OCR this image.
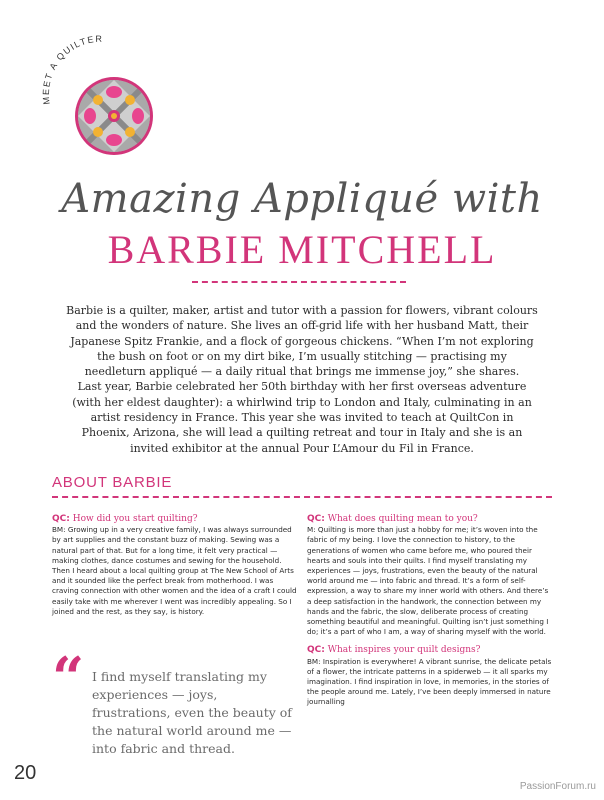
MEET A QUILTER
Amazing Appliqué with
BARBIE MITCHELL

Barbie is a quilter, maker, artist and tutor with a passion for flowers, vibrant colours and the wonders of nature. She lives an off-grid life with her husband Matt, their Japanese Spitz Frankie, and a flock of gorgeous chickens. “When I’m not exploring the bush on foot or on my dirt bike, I’m usually stitching — practising my needleturn appliqué — a daily ritual that brings me immense joy,” she shares.

Last year, Barbie celebrated her 50th birthday with her first overseas adventure (with her eldest daughter): a whirlwind trip to London and Italy, culminating in an artist residency in France. This year she was invited to teach at QuiltCon in Phoenix, Arizona, she will lead a quilting retreat and tour in Italy and she is an invited exhibitor at the annual Pour L’Amour du Fil in France.

ABOUT BARBIE

QC: How did you start quilting?

BM: Growing up in a very creative family, I was always surrounded by art supplies and the constant buzz of making. Sewing was a natural part of that. But for a long time, it felt very practical — making clothes, dance costumes and sewing for the household. Then I heard about a local quilting group at The New School of Arts and it sounded like the perfect break from motherhood. I was craving connection with other women and the idea of a craft I could easily take with me wherever I went was incredibly appealing. So I joined and the rest, as they say, is history.

“ I find myself translating my experiences — joys, frustrations, even the beauty of the natural world around me — into fabric and thread.

QC: What does quilting mean to you?

M: Quilting is more than just a hobby for me; it’s woven into the fabric of my being. I love the connection to history, to the generations of women who came before me, who poured their hearts and souls into their quilts. I find myself translating my experiences — joys, frustrations, even the beauty of the natural world around me — into fabric and thread. It’s a form of self-expression, a way to share my inner world with others. And there’s a deep satisfaction in the handwork, the connection between my hands and the fabric, the slow, deliberate process of creating something beautiful and meaningful. Quilting isn’t just something I do; it’s a part of who I am, a way of sharing myself with the world.

QC: What inspires your quilt designs?

BM: Inspiration is everywhere! A vibrant sunrise, the delicate petals of a flower, the intricate patterns in a spiderweb — it all sparks my imagination. I find inspiration in love, in memories, in the stories of the people around me. Lately, I’ve been deeply immersed in nature journalling

20
PassionForum.ru
